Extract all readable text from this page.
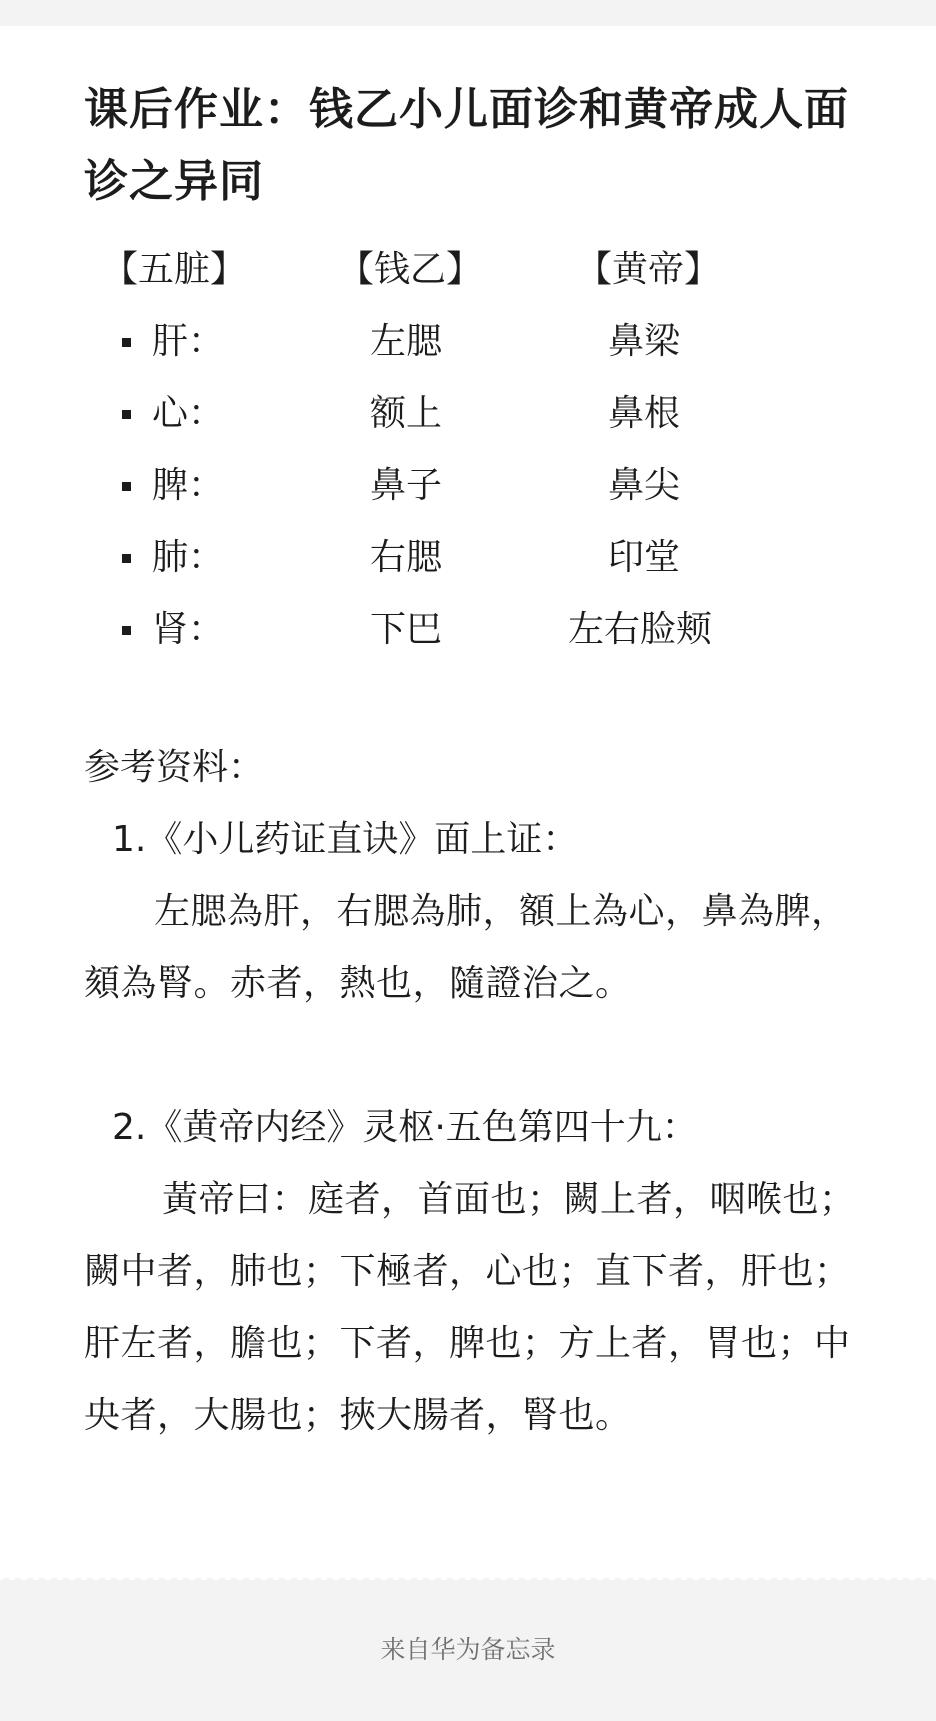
课后作业：钱乙小儿面诊和黄帝成人面诊之异同
【五脏】	【钱乙】	【黄帝】
肝：	左腮	鼻梁
心：	额上	鼻根
脾：	鼻子	鼻尖
肺：	右腮	印堂
肾：	下巴	左右脸颊

参考资料：

1.《小儿药证直诀》面上证：

左腮為肝，右腮為肺，額上為心，鼻為脾，頦為腎。赤者，熱也，隨證治之。

2.《黄帝内经》灵枢·五色第四十九：

黃帝曰：庭者，首面也；闕上者，咽喉也；闕中者，肺也；下極者，心也；直下者，肝也；肝左者，膽也；下者，脾也；方上者，胃也；中央者，大腸也；挾大腸者，腎也。

来自华为备忘录
